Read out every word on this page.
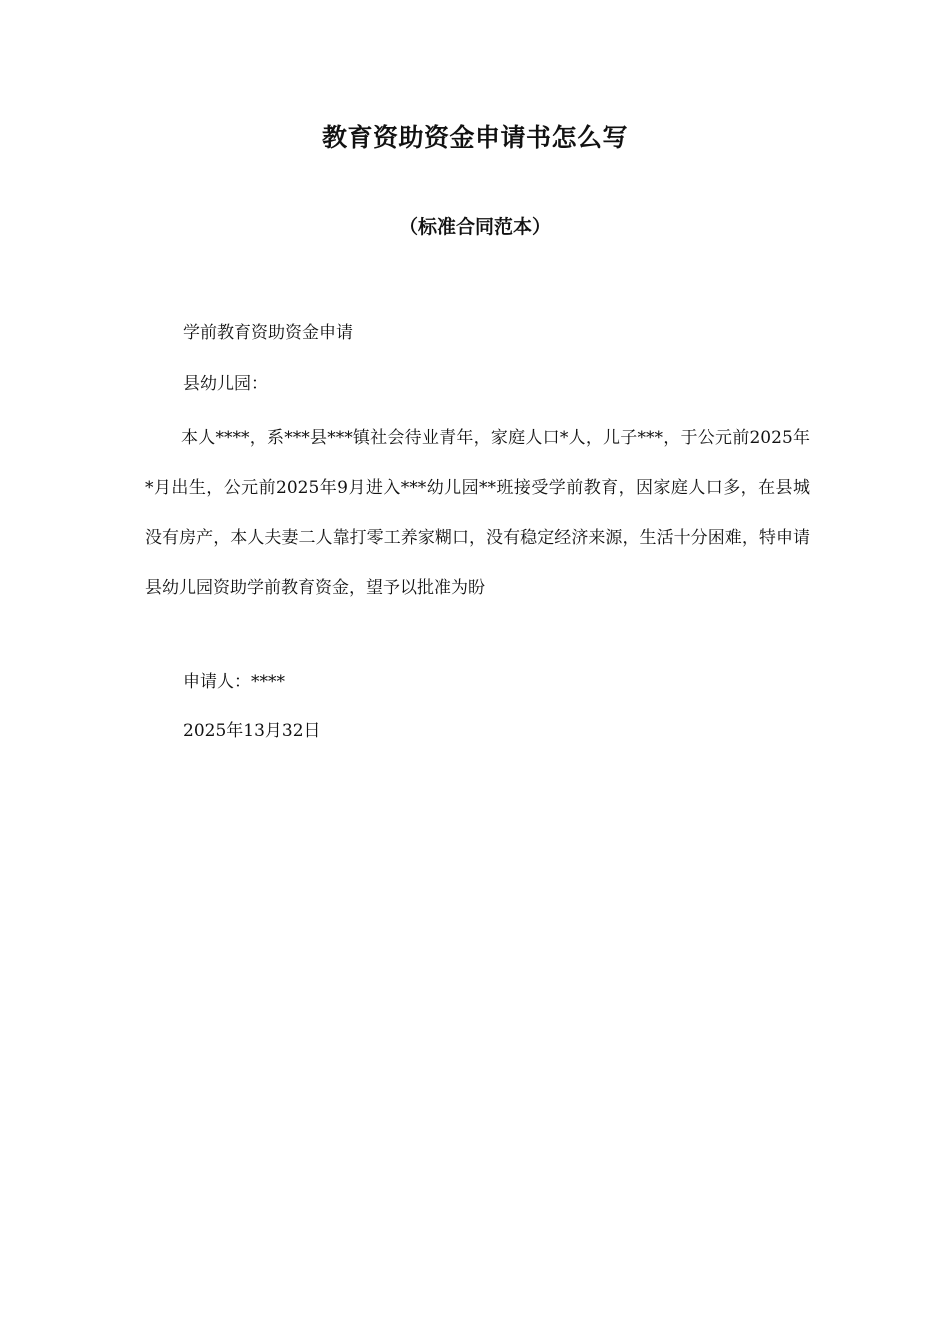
教育资助资金申请书怎么写
（标准合同范本）
学前教育资助资金申请
县幼儿园：
本人****，系***县***镇社会待业青年，家庭人口*人，儿子***，于公元前2025年*月出生，公元前2025年9月进入***幼儿园**班接受学前教育，因家庭人口多，在县城没有房产，本人夫妻二人靠打零工养家糊口，没有稳定经济来源，生活十分困难，特申请县幼儿园资助学前教育资金，望予以批准为盼
申请人：****
2025年13月32日
